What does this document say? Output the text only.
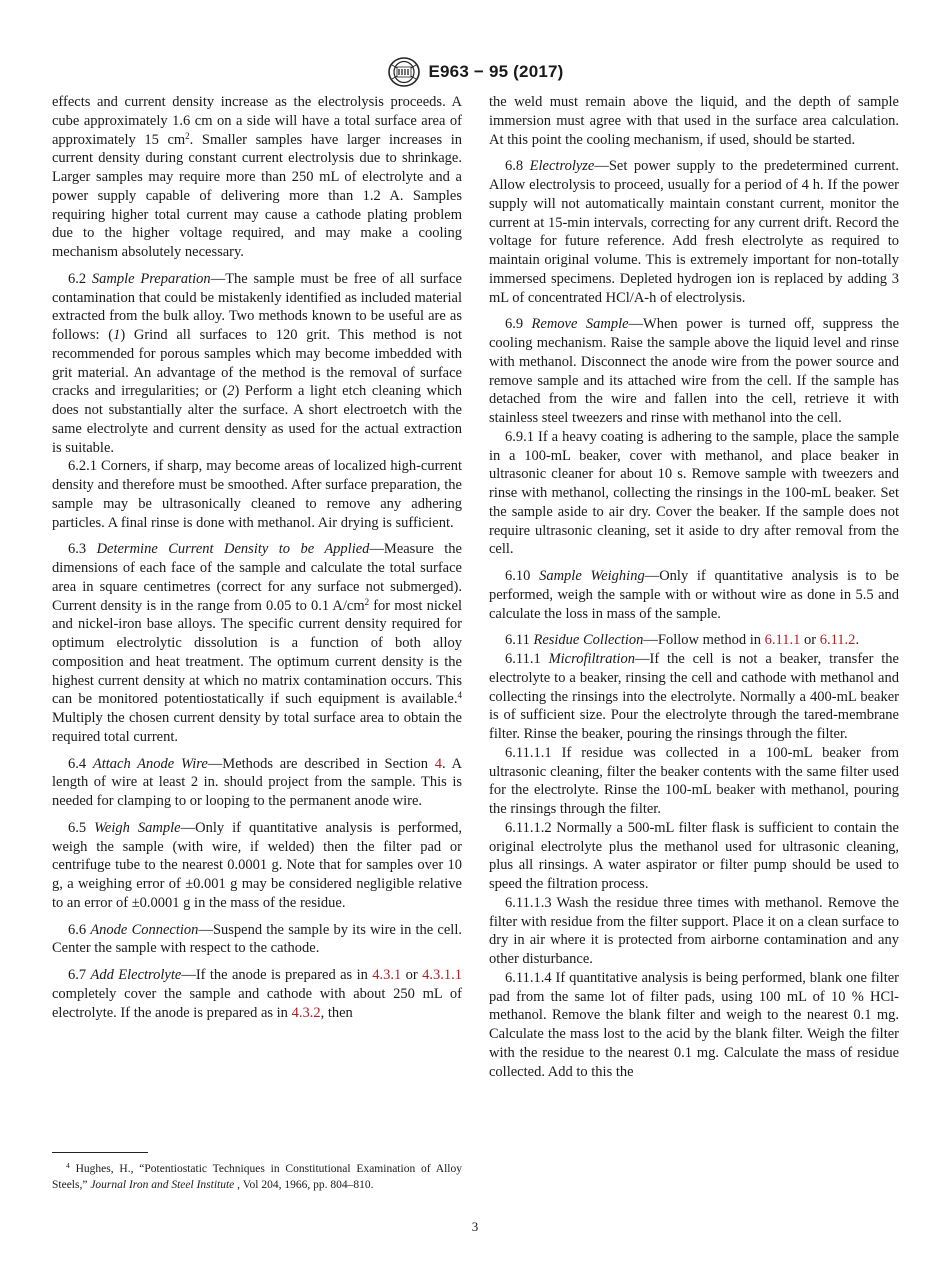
E963 − 95 (2017)

effects and current density increase as the electrolysis proceeds. A cube approximately 1.6 cm on a side will have a total surface area of approximately 15 $cm^2$. Smaller samples have larger increases in current density during constant current electrolysis due to shrinkage. Larger samples may require more than 250 mL of electrolyte and a power supply capable of delivering more than 1.2 A. Samples requiring higher total current may cause a cathode plating problem due to the higher voltage required, and may make a cooling mechanism absolutely necessary.

6.2 Sample Preparation—The sample must be free of all surface contamination that could be mistakenly identified as included material extracted from the bulk alloy. Two methods known to be useful are as follows: (1) Grind all surfaces to 120 grit. This method is not recommended for porous samples which may become imbedded with grit material. An advantage of the method is the removal of surface cracks and irregularities; or (2) Perform a light etch cleaning which does not substantially alter the surface. A short electroetch with the same electrolyte and current density as used for the actual extraction is suitable.

6.2.1 Corners, if sharp, may become areas of localized high-current density and therefore must be smoothed. After surface preparation, the sample may be ultrasonically cleaned to remove any adhering particles. A final rinse is done with methanol. Air drying is sufficient.

6.3 Determine Current Density to be Applied—Measure the dimensions of each face of the sample and calculate the total surface area in square centimetres (correct for any surface not submerged). Current density is in the range from 0.05 to 0.1 $A/cm^2$ for most nickel and nickel-iron base alloys. The specific current density required for optimum electrolytic dissolution is a function of both alloy composition and heat treatment. The optimum current density is the highest current density at which no matrix contamination occurs. This can be monitored potentiostatically if such equipment is available.$^4$ Multiply the chosen current density by total surface area to obtain the required total current.

6.4 Attach Anode Wire—Methods are described in Section 4. A length of wire at least 2 in. should project from the sample. This is needed for clamping to or looping to the permanent anode wire.

6.5 Weigh Sample—Only if quantitative analysis is performed, weigh the sample (with wire, if welded) then the filter pad or centrifuge tube to the nearest 0.0001 g. Note that for samples over 10 g, a weighing error of ±0.001 g may be considered negligible relative to an error of ±0.0001 g in the mass of the residue.

6.6 Anode Connection—Suspend the sample by its wire in the cell. Center the sample with respect to the cathode.

6.7 Add Electrolyte—If the anode is prepared as in 4.3.1 or 4.3.1.1 completely cover the sample and cathode with about 250 mL of electrolyte. If the anode is prepared as in 4.3.2, then

the weld must remain above the liquid, and the depth of sample immersion must agree with that used in the surface area calculation. At this point the cooling mechanism, if used, should be started.

6.8 Electrolyze—Set power supply to the predetermined current. Allow electrolysis to proceed, usually for a period of 4 h. If the power supply will not automatically maintain constant current, monitor the current at 15-min intervals, correcting for any current drift. Record the voltage for future reference. Add fresh electrolyte as required to maintain original volume. This is extremely important for non-totally immersed specimens. Depleted hydrogen ion is replaced by adding 3 mL of concentrated HCl/A-h of electrolysis.

6.9 Remove Sample—When power is turned off, suppress the cooling mechanism. Raise the sample above the liquid level and rinse with methanol. Disconnect the anode wire from the power source and remove sample and its attached wire from the cell. If the sample has detached from the wire and fallen into the cell, retrieve it with stainless steel tweezers and rinse with methanol into the cell.

6.9.1 If a heavy coating is adhering to the sample, place the sample in a 100-mL beaker, cover with methanol, and place beaker in ultrasonic cleaner for about 10 s. Remove sample with tweezers and rinse with methanol, collecting the rinsings in the 100-mL beaker. Set the sample aside to air dry. Cover the beaker. If the sample does not require ultrasonic cleaning, set it aside to dry after removal from the cell.

6.10 Sample Weighing—Only if quantitative analysis is to be performed, weigh the sample with or without wire as done in 5.5 and calculate the loss in mass of the sample.

6.11 Residue Collection—Follow method in 6.11.1 or 6.11.2.

6.11.1 Microfiltration—If the cell is not a beaker, transfer the electrolyte to a beaker, rinsing the cell and cathode with methanol and collecting the rinsings into the electrolyte. Normally a 400-mL beaker is of sufficient size. Pour the electrolyte through the tared-membrane filter. Rinse the beaker, pouring the rinsings through the filter.

6.11.1.1 If residue was collected in a 100-mL beaker from ultrasonic cleaning, filter the beaker contents with the same filter used for the electrolyte. Rinse the 100-mL beaker with methanol, pouring the rinsings through the filter.

6.11.1.2 Normally a 500-mL filter flask is sufficient to contain the original electrolyte plus the methanol used for ultrasonic cleaning, plus all rinsings. A water aspirator or filter pump should be used to speed the filtration process.

6.11.1.3 Wash the residue three times with methanol. Remove the filter with residue from the filter support. Place it on a clean surface to dry in air where it is protected from airborne contamination and any other disturbance.

6.11.1.4 If quantitative analysis is being performed, blank one filter pad from the same lot of filter pads, using 100 mL of 10 % HCl-methanol. Remove the blank filter and weigh to the nearest 0.1 mg. Calculate the mass lost to the acid by the blank filter. Weigh the filter with the residue to the nearest 0.1 mg. Calculate the mass of residue collected. Add to this the

$^4$ Hughes, H., “Potentiostatic Techniques in Constitutional Examination of Alloy Steels,” Journal Iron and Steel Institute , Vol 204, 1966, pp. 804–810.
3
